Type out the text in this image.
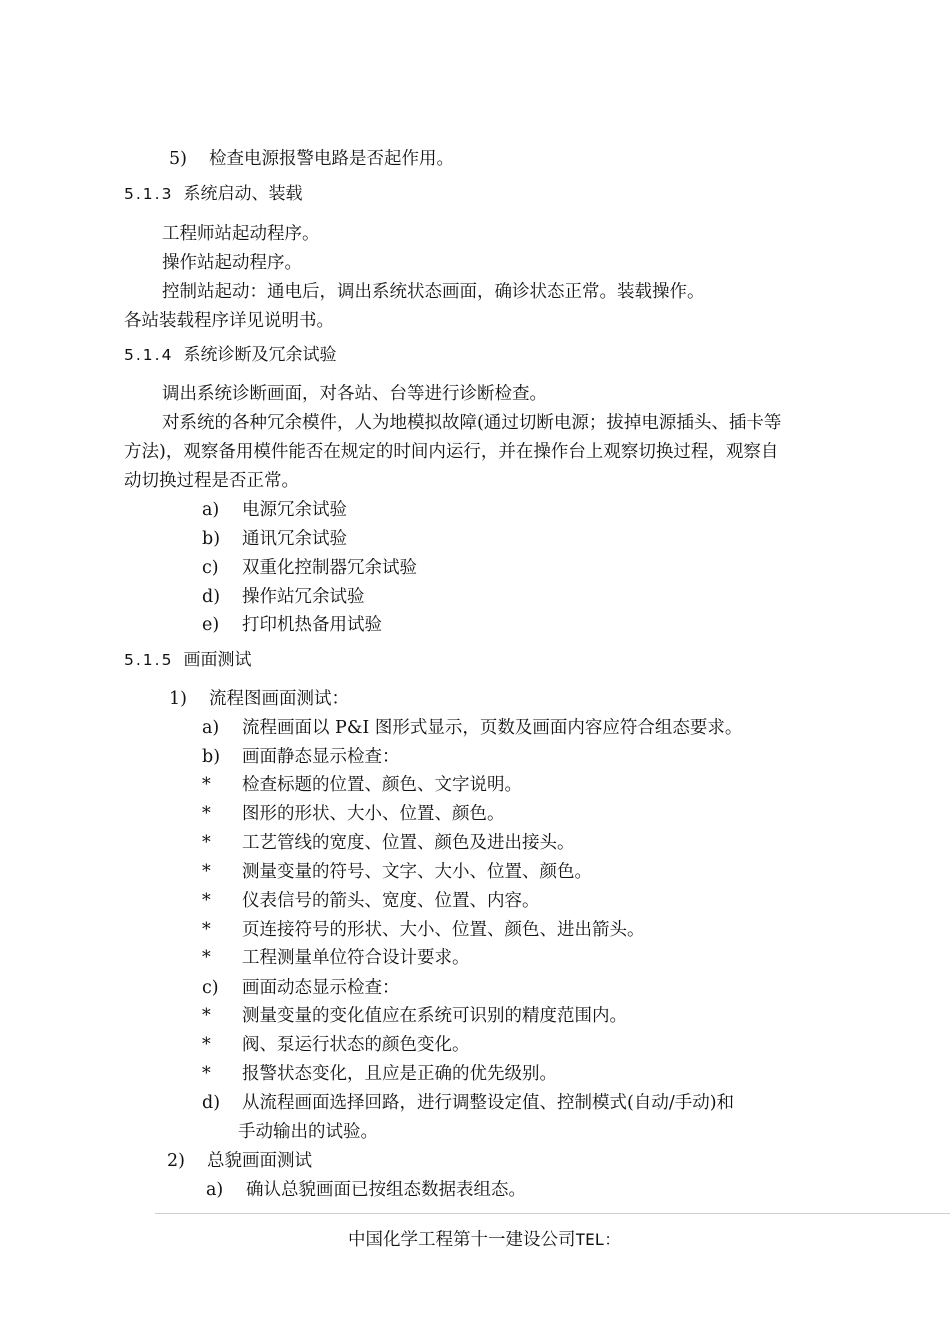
5) 检查电源报警电路是否起作用。
5.1.3 系统启动、装载
工程师站起动程序。
操作站起动程序。
控制站起动：通电后，调出系统状态画面，确诊状态正常。装载操作。
各站装载程序详见说明书。
5.1.4 系统诊断及冗余试验
调出系统诊断画面，对各站、台等进行诊断检查。
对系统的各种冗余模件，人为地模拟故障(通过切断电源；拔掉电源插头、插卡等
方法)，观察备用模件能否在规定的时间内运行，并在操作台上观察切换过程，观察自
动切换过程是否正常。
a) 电源冗余试验
b) 通讯冗余试验
c) 双重化控制器冗余试验
d) 操作站冗余试验
e) 打印机热备用试验
5.1.5 画面测试
1) 流程图画面测试：
a) 流程画面以 P&I 图形式显示，页数及画面内容应符合组态要求。
b) 画面静态显示检查：
* 检查标题的位置、颜色、文字说明。
* 图形的形状、大小、位置、颜色。
* 工艺管线的宽度、位置、颜色及进出接头。
* 测量变量的符号、文字、大小、位置、颜色。
* 仪表信号的箭头、宽度、位置、内容。
* 页连接符号的形状、大小、位置、颜色、进出箭头。
* 工程测量单位符合设计要求。
c) 画面动态显示检查：
* 测量变量的变化值应在系统可识别的精度范围内。
* 阀、泵运行状态的颜色变化。
* 报警状态变化，且应是正确的优先级别。
d) 从流程画面选择回路，进行调整设定值、控制模式(自动/手动)和
手动输出的试验。
2) 总貌画面测试
a) 确认总貌画面已按组态数据表组态。
中国化学工程第十一建设公司TEL：
